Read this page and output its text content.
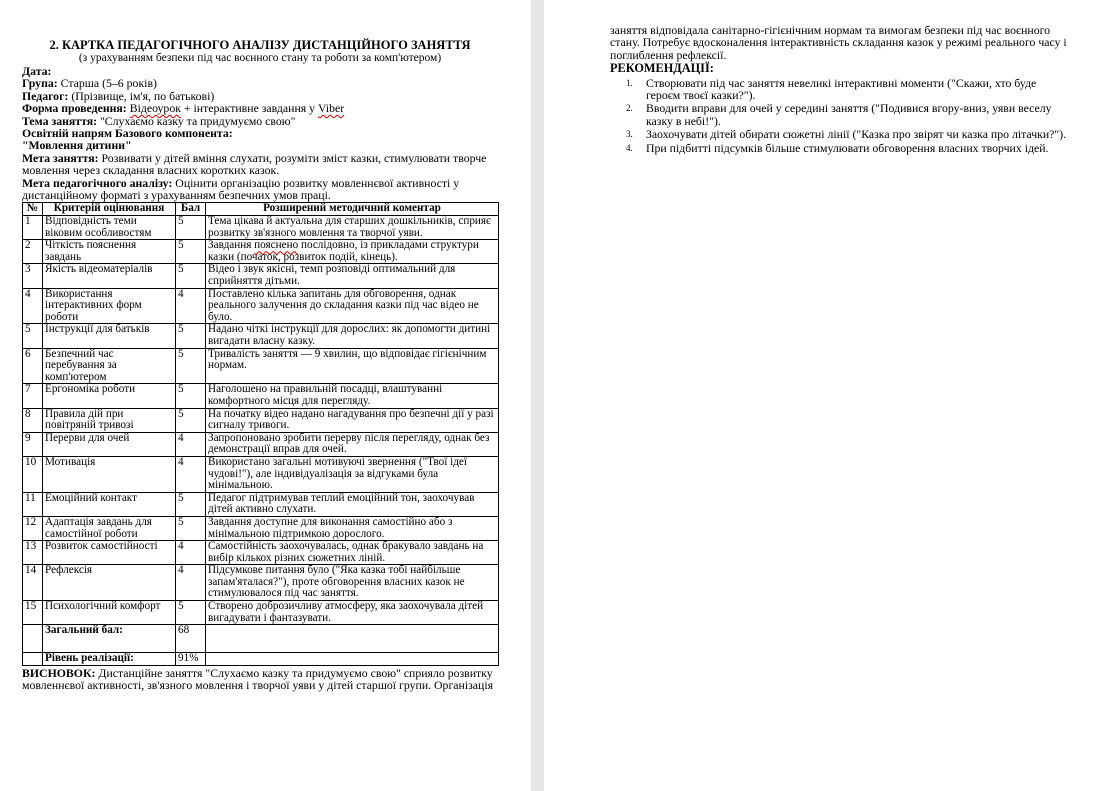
2. КАРТКА ПЕДАГОГІЧНОГО АНАЛІЗУ ДИСТАНЦІЙНОГО ЗАНЯТТЯ
(з урахуванням безпеки під час воєнного стану та роботи за комп'ютером)
Дата:
Група: Старша (5–6 років)
Педагог: (Прізвище, ім'я, по батькові)
Форма проведення: Відеоурок + інтерактивне завдання у Viber
Тема заняття: "Слухаємо казку та придумуємо свою"
Освітній напрям Базового компонента:
"Мовлення дитини"
Мета заняття: Розвивати у дітей вміння слухати, розуміти зміст казки, стимулювати творче мовлення через складання власних коротких казок.
Мета педагогічного аналізу: Оцінити організацію розвитку мовленнєвої активності у дистанційному форматі з урахуванням безпечних умов праці.
№	Критерій оцінювання	Бал	Розширений методичний коментар
1	Відповідність теми віковим особливостям	5	Тема цікава й актуальна для старших дошкільників, сприяє розвитку зв'язного мовлення та творчої уяви.
2	Чіткість пояснення завдань	5	Завдання пояснено послідовно, із прикладами структури казки (початок, розвиток подій, кінець).
3	Якість відеоматеріалів	5	Відео і звук якісні, темп розповіді оптимальний для сприйняття дітьми.
4	Використання інтерактивних форм роботи	4	Поставлено кілька запитань для обговорення, однак реального залучення до складання казки під час відео не було.
5	Інструкції для батьків	5	Надано чіткі інструкції для дорослих: як допомогти дитині вигадати власну казку.
6	Безпечний час перебування за комп'ютером	5	Тривалість заняття — 9 хвилин, що відповідає гігієнічним нормам.
7	Ергономіка роботи	5	Наголошено на правильній посадці, влаштуванні комфортного місця для перегляду.
8	Правила дій при повітряній тривозі	5	На початку відео надано нагадування про безпечні дії у разі сигналу тривоги.
9	Перерви для очей	4	Запропоновано зробити перерву після перегляду, однак без демонстрації вправ для очей.
10	Мотивація	4	Використано загальні мотивуючі звернення ("Твої ідеї чудові!"), але індивідуалізація за відгуками була мінімальною.
11	Емоційний контакт	5	Педагог підтримував теплий емоційний тон, заохочував дітей активно слухати.
12	Адаптація завдань для самостійної роботи	5	Завдання доступне для виконання самостійно або з мінімальною підтримкою дорослого.
13	Розвиток самостійності	4	Самостійність заохочувалась, однак бракувало завдань на вибір кількох різних сюжетних ліній.
14	Рефлексія	4	Підсумкове питання було ("Яка казка тобі найбільше запам'яталася?"), проте обговорення власних казок не стимулювалося під час заняття.
15	Психологічний комфорт	5	Створено доброзичливу атмосферу, яка заохочувала дітей вигадувати і фантазувати.
	Загальний бал:	68	
	Рівень реалізації:	91%	
ВИСНОВОК: Дистанційне заняття "Слухаємо казку та придумуємо свою" сприяло розвитку мовленнєвої активності, зв'язного мовлення і творчої уяви у дітей старшої групи. Організація
заняття відповідала санітарно-гігієнічним нормам та вимогам безпеки під час воєнного стану. Потребує вдосконалення інтерактивність складання казок у режимі реального часу і поглиблення рефлексії.
РЕКОМЕНДАЦІЇ:
1. Створювати під час заняття невеликі інтерактивні моменти ("Скажи, хто буде героєм твоєї казки?").
2. Вводити вправи для очей у середині заняття ("Подивися вгору-вниз, уяви веселу казку в небі!").
3. Заохочувати дітей обирати сюжетні лінії ("Казка про звірят чи казка про літачки?").
4. При підбитті підсумків більше стимулювати обговорення власних творчих ідей.
